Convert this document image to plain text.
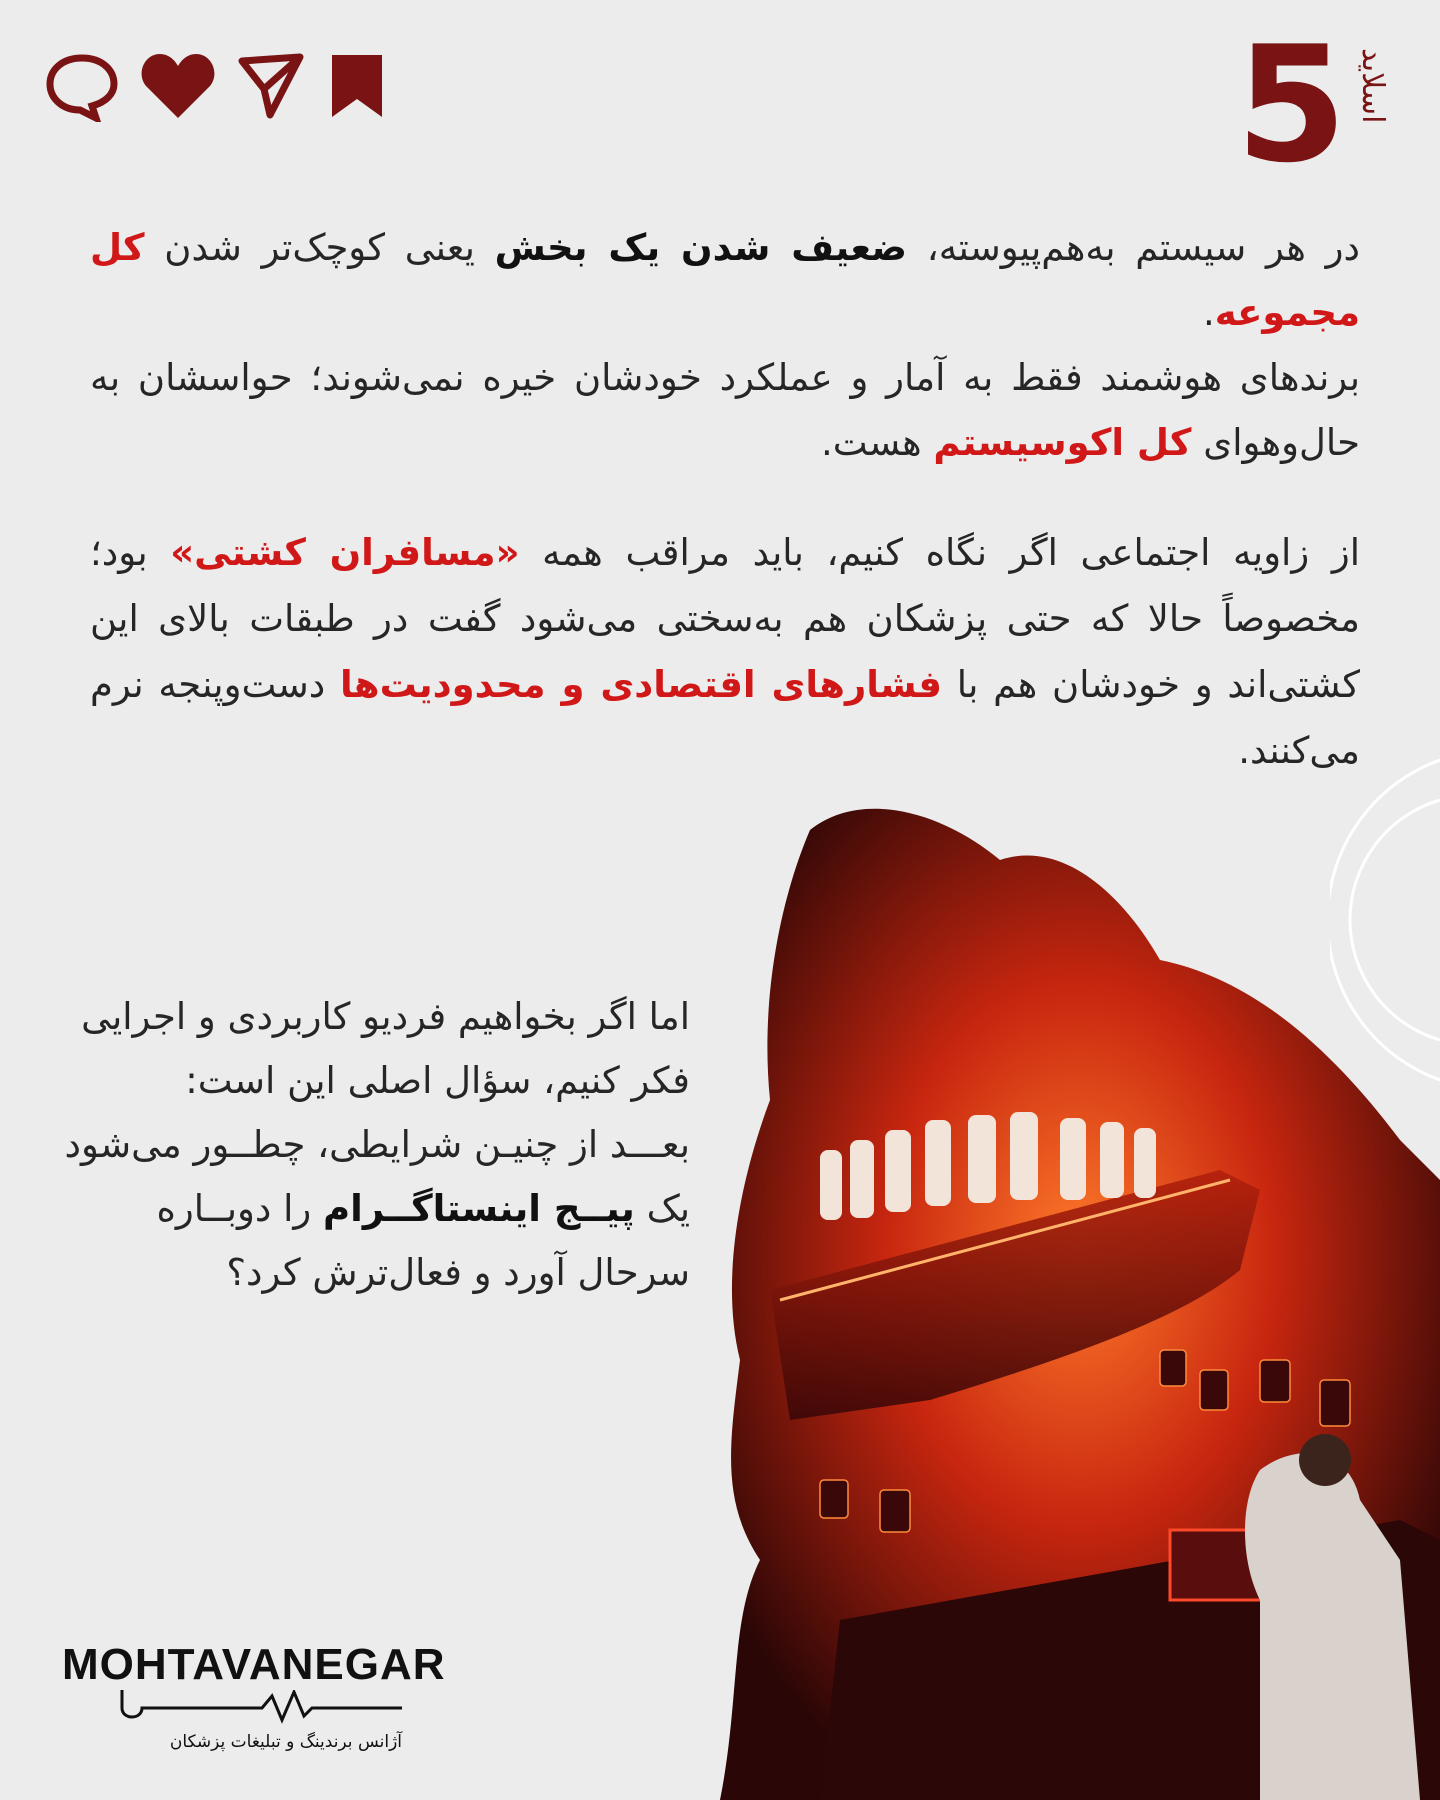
5 اسلاید
در هر سیستم به‌هم‌پیوسته، ضعیف شدن یک بخش یعنی کوچک‌تر شدن کل مجموعه.
برندهای هوشمند فقط به آمار و عملکرد خودشان خیره نمی‌شوند؛ حواسشان به حال‌وهوای کل اکوسیستم هست.
از زاویه اجتماعی اگر نگاه کنیم، باید مراقب همه «مسافران کشتی» بود؛ مخصوصاً حالا که حتی پزشکان هم به‌سختی می‌شود گفت در طبقات بالای این کشتی‌اند و خودشان هم با فشارهای اقتصادی و محدودیت‌ها دست‌وپنجه نرم می‌کنند.
اما اگر بخواهیم فردیو کاربردی و اجرایی فکر کنیم، سؤال اصلی این است:
بعـــد از چنیـن شرایطی، چطــور می‌شود یک پیــج اینستاگــرام را دوبــاره سرحال آورد و فعال‌ترش کرد؟
MOHTAVANEGAR
آژانس برندینگ و تبلیغات پزشکان
